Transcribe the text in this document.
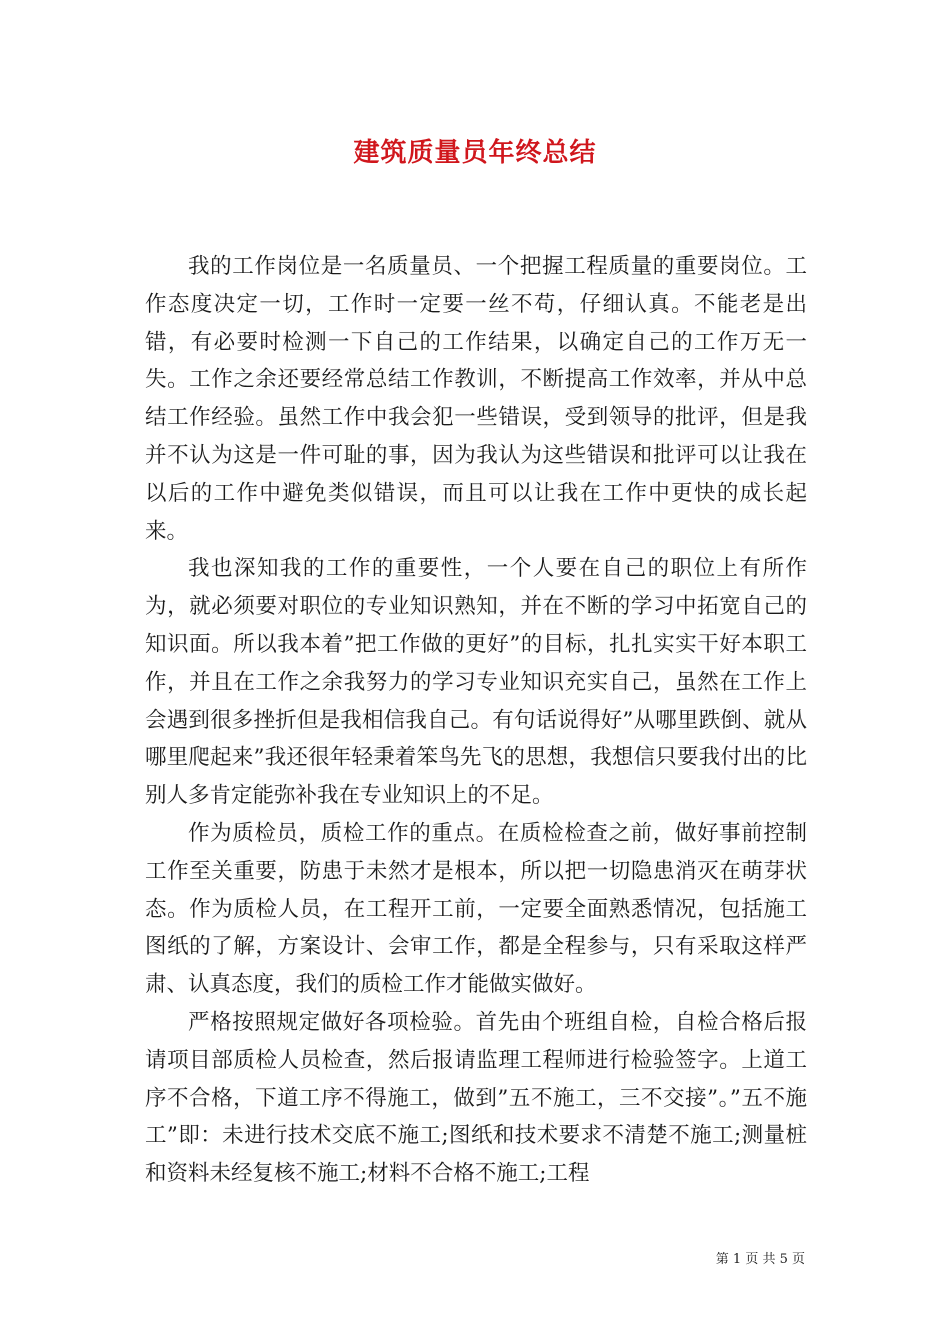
建筑质量员年终总结

我的工作岗位是一名质量员、一个把握工程质量的重要岗位。工作态度决定一切，工作时一定要一丝不苟，仔细认真。不能老是出错，有必要时检测一下自己的工作结果，以确定自己的工作万无一失。工作之余还要经常总结工作教训，不断提高工作效率，并从中总结工作经验。虽然工作中我会犯一些错误，受到领导的批评，但是我并不认为这是一件可耻的事，因为我认为这些错误和批评可以让我在以后的工作中避免类似错误，而且可以让我在工作中更快的成长起来。

我也深知我的工作的重要性，一个人要在自己的职位上有所作为，就必须要对职位的专业知识熟知，并在不断的学习中拓宽自己的知识面。所以我本着”把工作做的更好”的目标，扎扎实实干好本职工作，并且在工作之余我努力的学习专业知识充实自己，虽然在工作上会遇到很多挫折但是我相信我自己。有句话说得好”从哪里跌倒、就从哪里爬起来”我还很年轻秉着笨鸟先飞的思想，我想信只要我付出的比别人多肯定能弥补我在专业知识上的不足。

作为质检员，质检工作的重点。在质检检查之前，做好事前控制工作至关重要，防患于未然才是根本，所以把一切隐患消灭在萌芽状态。作为质检人员，在工程开工前，一定要全面熟悉情况，包括施工图纸的了解，方案设计、会审工作，都是全程参与，只有采取这样严肃、认真态度，我们的质检工作才能做实做好。

严格按照规定做好各项检验。首先由个班组自检，自检合格后报请项目部质检人员检查，然后报请监理工程师进行检验签字。上道工序不合格，下道工序不得施工，做到”五不施工，三不交接”。”五不施工”即：未进行技术交底不施工;图纸和技术要求不清楚不施工;测量桩和资料未经复核不施工;材料不合格不施工;工程

第 1 页 共 5 页
